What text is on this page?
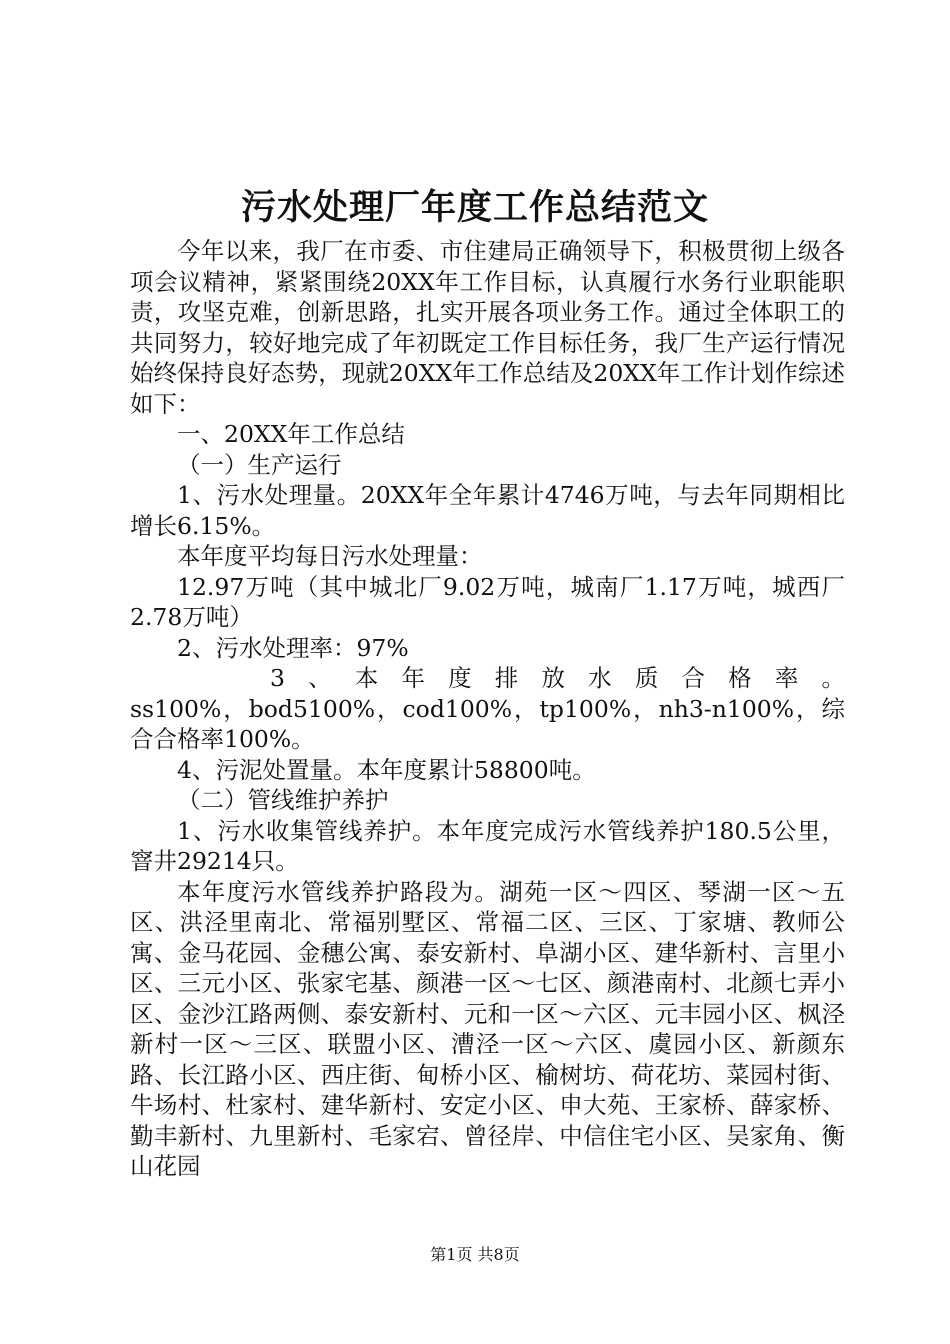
污水处理厂年度工作总结范文

今年以来，我厂在市委、市住建局正确领导下，积极贯彻上级各项会议精神，紧紧围绕20XX年工作目标，认真履行水务行业职能职责，攻坚克难，创新思路，扎实开展各项业务工作。通过全体职工的共同努力，较好地完成了年初既定工作目标任务，我厂生产运行情况始终保持良好态势，现就20XX年工作总结及20XX年工作计划作综述如下：

一、20XX年工作总结

（一）生产运行

1、污水处理量。20XX年全年累计4746万吨，与去年同期相比增长6.15%。

本年度平均每日污水处理量：

12.97万吨（其中城北厂9.02万吨，城南厂1.17万吨，城西厂2.78万吨）

2、污水处理率：97%

3、本年度排放水质合格率。

ss100%，bod5100%，cod100%，tp100%，nh3-n100%，综合合格率100%。

4、污泥处置量。本年度累计58800吨。

（二）管线维护养护

1、污水收集管线养护。本年度完成污水管线养护180.5公里，窨井29214只。

本年度污水管线养护路段为。湖苑一区～四区、琴湖一区～五区、洪泾里南北、常福别墅区、常福二区、三区、丁家塘、教师公寓、金马花园、金穗公寓、泰安新村、阜湖小区、建华新村、言里小区、三元小区、张家宅基、颜港一区～七区、颜港南村、北颜七弄小区、金沙江路两侧、泰安新村、元和一区～六区、元丰园小区、枫泾新村一区～三区、联盟小区、漕泾一区～六区、虞园小区、新颜东路、长江路小区、西庄街、甸桥小区、榆树坊、荷花坊、菜园村街、牛场村、杜家村、建华新村、安定小区、申大苑、王家桥、薛家桥、勤丰新村、九里新村、毛家宕、曾径岸、中信住宅小区、吴家角、衡山花园

第1页 共8页
